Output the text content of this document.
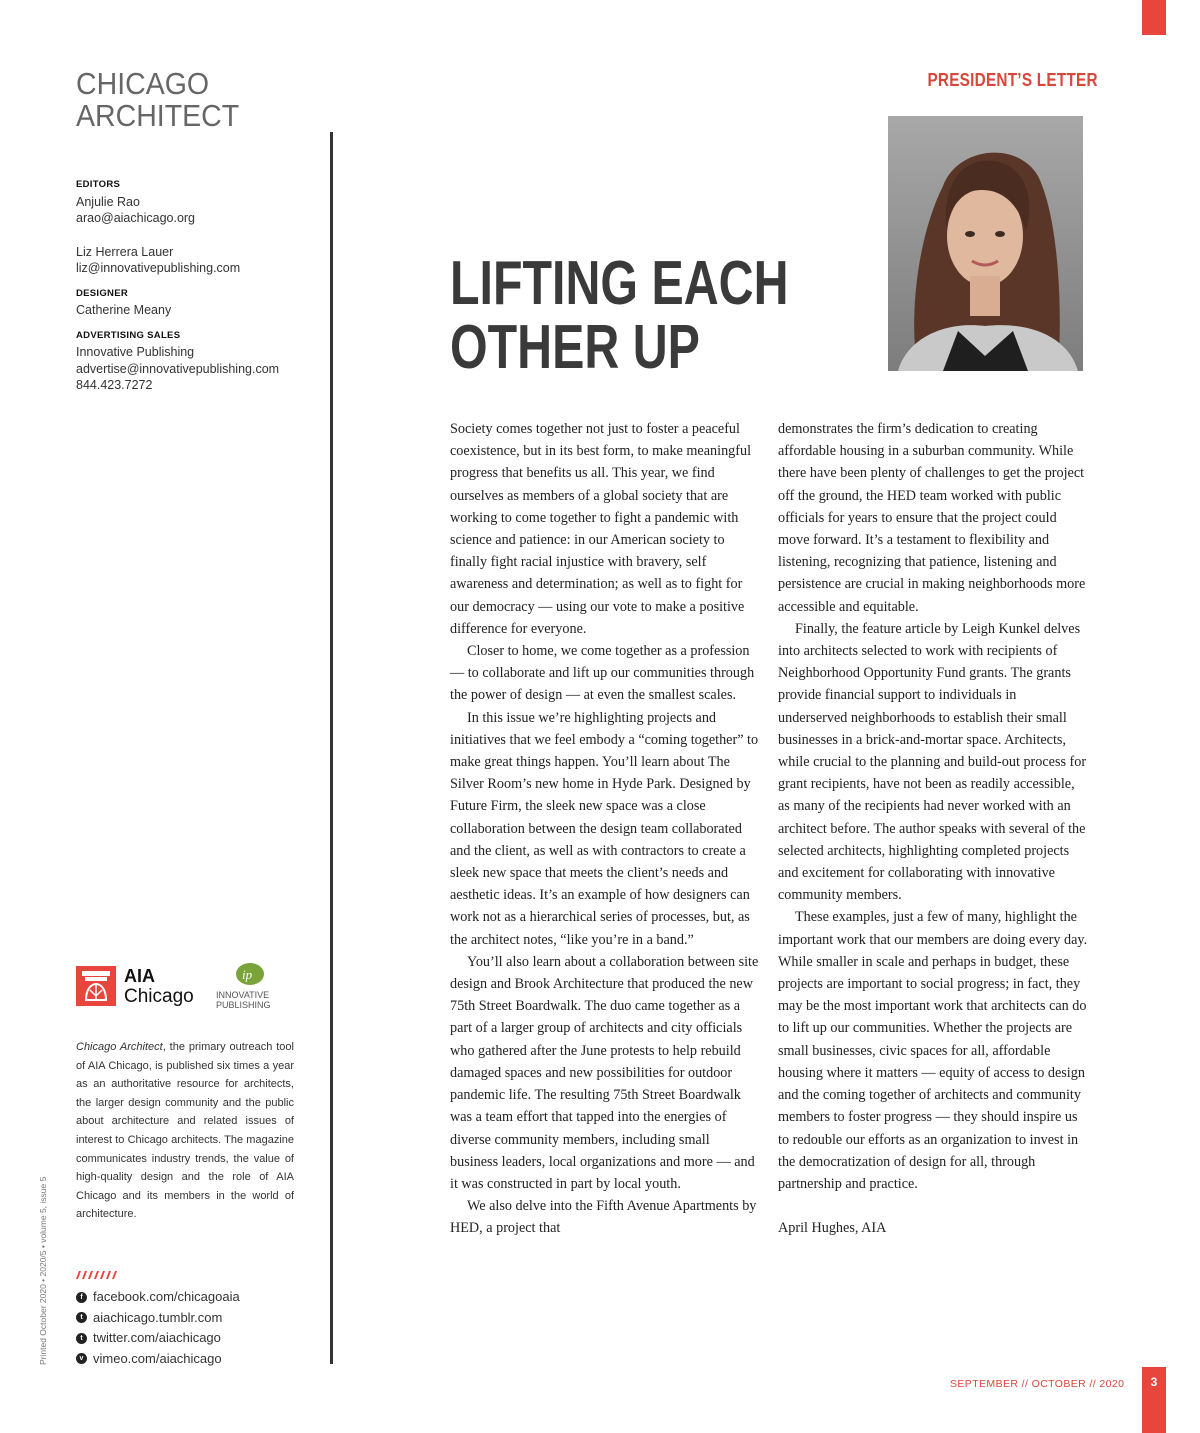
CHICAGO
ARCHITECT
EDITORS
Anjulie Rao
arao@aiachicago.org
Liz Herrera Lauer
liz@innovativepublishing.com
DESIGNER
Catherine Meany
ADVERTISING SALES
Innovative Publishing
advertise@innovativepublishing.com
844.423.7272
PRESIDENT’S LETTER
LIFTING EACH
OTHER UP

Society comes together not just to foster a peaceful coexistence, but in its best form, to make meaningful progress that benefits us all. This year, we find ourselves as members of a global society that are working to come together to fight a pandemic with science and patience: in our American society to finally fight racial injustice with bravery, self awareness and determination; as well as to fight for our democracy — using our vote to make a positive difference for everyone.

Closer to home, we come together as a profession — to collaborate and lift up our communities through the power of design — at even the smallest scales.

In this issue we’re highlighting projects and initiatives that we feel embody a “coming together” to make great things happen. You’ll learn about The Silver Room’s new home in Hyde Park. Designed by Future Firm, the sleek new space was a close collaboration between the design team collaborated and the client, as well as with contractors to create a sleek new space that meets the client’s needs and aesthetic ideas. It’s an example of how designers can work not as a hierarchical series of processes, but, as the architect notes, “like you’re in a band.”

You’ll also learn about a collaboration between site design and Brook Architecture that produced the new 75th Street Boardwalk. The duo came together as a part of a larger group of architects and city officials who gathered after the June protests to help rebuild damaged spaces and new possibilities for outdoor pandemic life. The resulting 75th Street Boardwalk was a team effort that tapped into the energies of diverse community members, including small business leaders, local organizations and more — and it was constructed in part by local youth.

We also delve into the Fifth Avenue Apartments by HED, a project that

demonstrates the firm’s dedication to creating affordable housing in a suburban community. While there have been plenty of challenges to get the project off the ground, the HED team worked with public officials for years to ensure that the project could move forward. It’s a testament to flexibility and listening, recognizing that patience, listening and persistence are crucial in making neighborhoods more accessible and equitable.

Finally, the feature article by Leigh Kunkel delves into architects selected to work with recipients of Neighborhood Opportunity Fund grants. The grants provide financial support to individuals in underserved neighborhoods to establish their small businesses in a brick-and-mortar space. Architects, while crucial to the planning and build-out process for grant recipients, have not been as readily accessible, as many of the recipients had never worked with an architect before. The author speaks with several of the selected architects, highlighting completed projects and excitement for collaborating with innovative community members.

These examples, just a few of many, highlight the important work that our members are doing every day. While smaller in scale and perhaps in budget, these projects are important to social progress; in fact, they may be the most important work that architects can do to lift up our communities. Whether the projects are small businesses, civic spaces for all, affordable housing where it matters — equity of access to design and the coming together of architects and community members to foster progress — they should inspire us to redouble our efforts as an organization to invest in the democratization of design for all, through partnership and practice.

April Hughes, AIA

AIA
Chicago
ip
INNOVATIVE
PUBLISHING
Chicago Architect, the primary outreach tool of AIA Chicago, is published six times a year as an authoritative resource for architects, the larger design community and the public about architecture and related issues of interest to Chicago architects. The magazine communicates industry trends, the value of high-quality design and the role of AIA Chicago and its members in the world of architecture.
f facebook.com/chicagoaia
t aiachicago.tumblr.com
t twitter.com/aiachicago
v vimeo.com/aiachicago
Printed October 2020 • 2020/5 • volume 5, issue 5
SEPTEMBER // OCTOBER // 2020	3
